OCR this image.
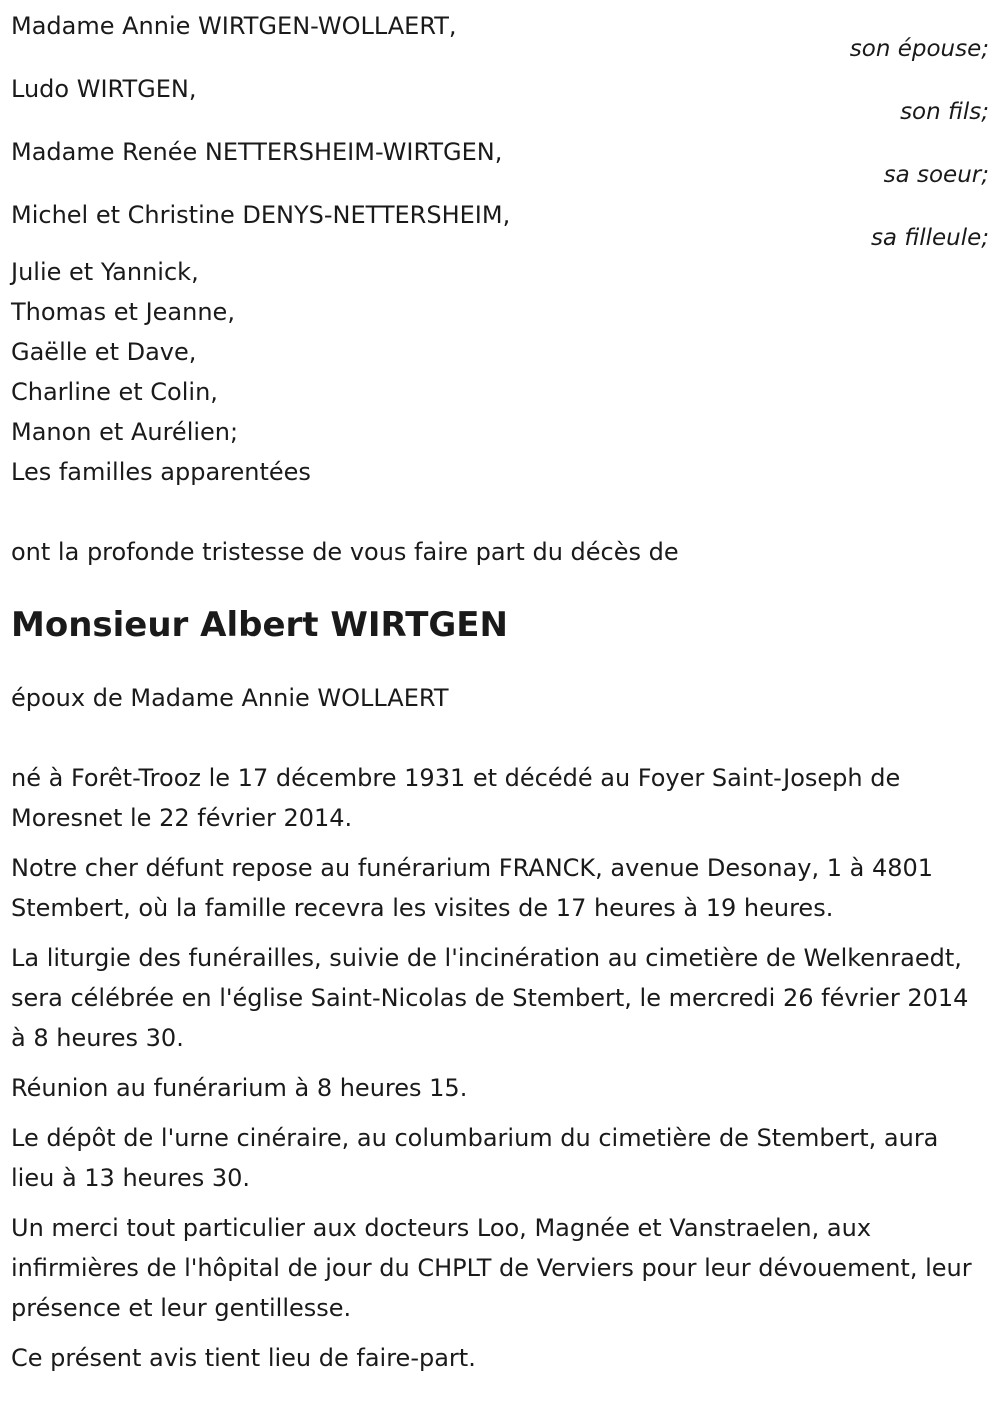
Madame Annie WIRTGEN-WOLLAERT,
son épouse;
Ludo WIRTGEN,
son fils;
Madame Renée NETTERSHEIM-WIRTGEN,
sa soeur;
Michel et Christine DENYS-NETTERSHEIM,
sa filleule;

Julie et Yannick,

Thomas et Jeanne,

Gaëlle et Dave,

Charline et Colin,

Manon et Aurélien;

Les familles apparentées

ont la profonde tristesse de vous faire part du décès de

Monsieur Albert WIRTGEN

époux de Madame Annie WOLLAERT

né à Forêt-Trooz le 17 décembre 1931 et décédé au Foyer Saint-Joseph de Moresnet le 22 février 2014.

Notre cher défunt repose au funérarium FRANCK, avenue Desonay, 1 à 4801 Stembert, où la famille recevra les visites de 17 heures à 19 heures.

La liturgie des funérailles, suivie de l'incinération au cimetière de Welkenraedt, sera célébrée en l'église Saint-Nicolas de Stembert, le mercredi 26 février 2014 à 8 heures 30.

Réunion au funérarium à 8 heures 15.

Le dépôt de l'urne cinéraire, au columbarium du cimetière de Stembert, aura lieu à 13 heures 30.

Un merci tout particulier aux docteurs Loo, Magnée et Vanstraelen, aux infirmières de l'hôpital de jour du CHPLT de Verviers pour leur dévouement, leur présence et leur gentillesse.

Ce présent avis tient lieu de faire-part.
